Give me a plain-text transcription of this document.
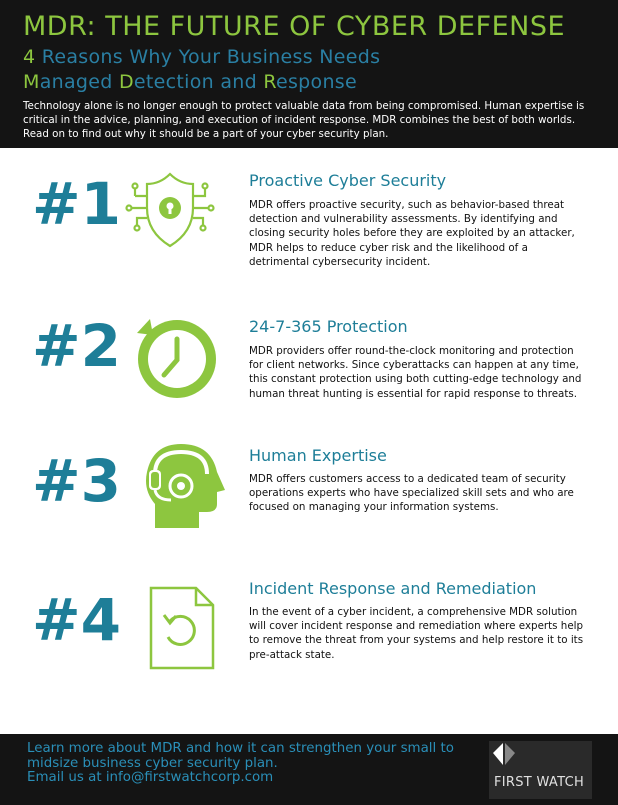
MDR: THE FUTURE OF CYBER DEFENSE
4 Reasons Why Your Business Needs
Managed Detection and Response
Technology alone is no longer enough to protect valuable data from being compromised. Human expertise is critical in the advice, planning, and execution of incident response. MDR combines the best of both worlds. Read on to find out why it should be a part of your cyber security plan.
#1	Proactive Cyber Security
MDR offers proactive security, such as behavior-based threat detection and vulnerability assessments. By identifying and closing security holes before they are exploited by an attacker, MDR helps to reduce cyber risk and the likelihood of a detrimental cybersecurity incident.
#2	24-7-365 Protection
MDR providers offer round-the-clock monitoring and protection for client networks. Since cyberattacks can happen at any time, this constant protection using both cutting-edge technology and human threat hunting is essential for rapid response to threats.
#3	Human Expertise
MDR offers customers access to a dedicated team of security operations experts who have specialized skill sets and who are focused on managing your information systems.
#4	Incident Response and Remediation
In the event of a cyber incident, a comprehensive MDR solution will cover incident response and remediation where experts help to remove the threat from your systems and help restore it to its pre-attack state.
Learn more about MDR and how it can strengthen your small to midsize business cyber security plan.
Email us at info@firstwatchcorp.com	FIRST WATCH
